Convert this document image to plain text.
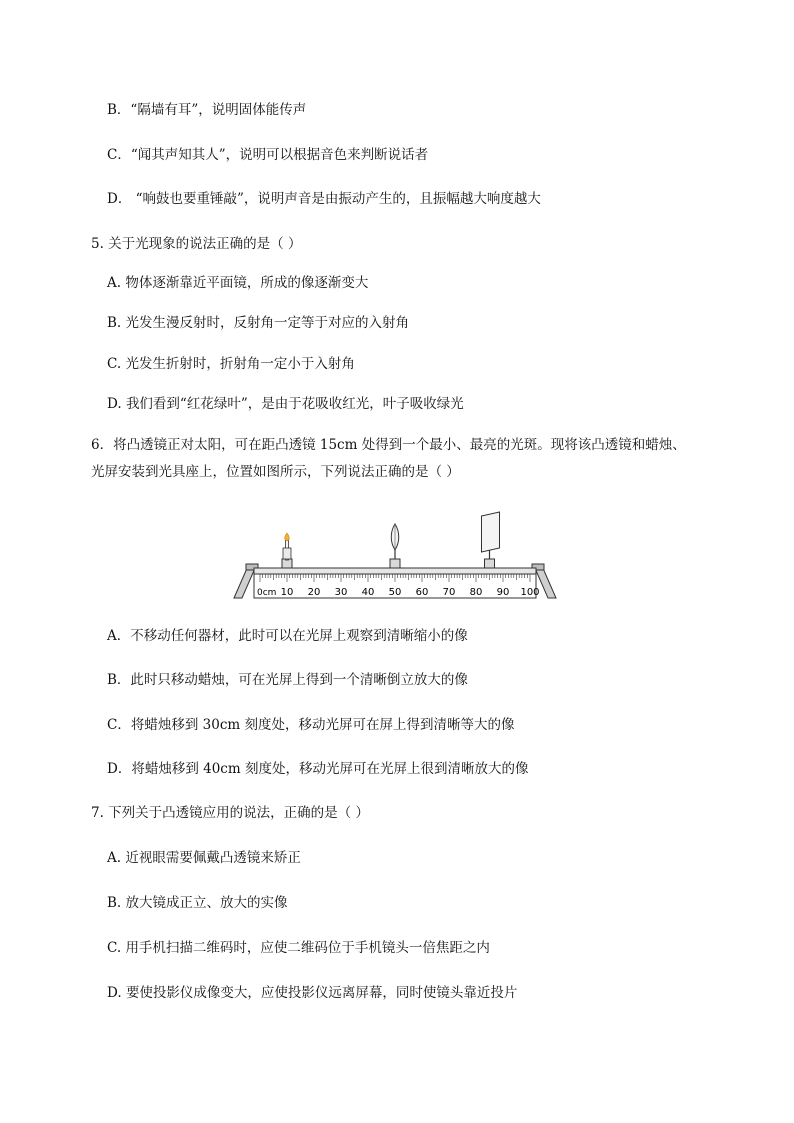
B．“隔墙有耳”，说明固体能传声
C．“闻其声知其人”，说明可以根据音色来判断说话者
D． “响鼓也要重锤敲”，说明声音是由振动产生的，且振幅越大响度越大
5. 关于光现象的说法正确的是（ ）
A. 物体逐渐靠近平面镜，所成的像逐渐变大
B. 光发生漫反射时，反射角一定等于对应的入射角
C. 光发生折射时，折射角一定小于入射角
D. 我们看到“红花绿叶”，是由于花吸收红光，叶子吸收绿光
6．将凸透镜正对太阳，可在距凸透镜 15cm 处得到一个最小、最亮的光斑。现将该凸透镜和蜡烛、
光屏安装到光具座上，位置如图所示，下列说法正确的是（ ）
0cm 10 20 30 40 50 60 70 80 90 100
A．不移动任何器材，此时可以在光屏上观察到清晰缩小的像
B．此时只移动蜡烛，可在光屏上得到一个清晰倒立放大的像
C．将蜡烛移到 30cm 刻度处，移动光屏可在屏上得到清晰等大的像
D．将蜡烛移到 40cm 刻度处，移动光屏可在光屏上很到清晰放大的像
7. 下列关于凸透镜应用的说法，正确的是（ ）
A. 近视眼需要佩戴凸透镜来矫正
B. 放大镜成正立、放大的实像
C. 用手机扫描二维码时，应使二维码位于手机镜头一倍焦距之内
D. 要使投影仪成像变大，应使投影仪远离屏幕，同时使镜头靠近投片
